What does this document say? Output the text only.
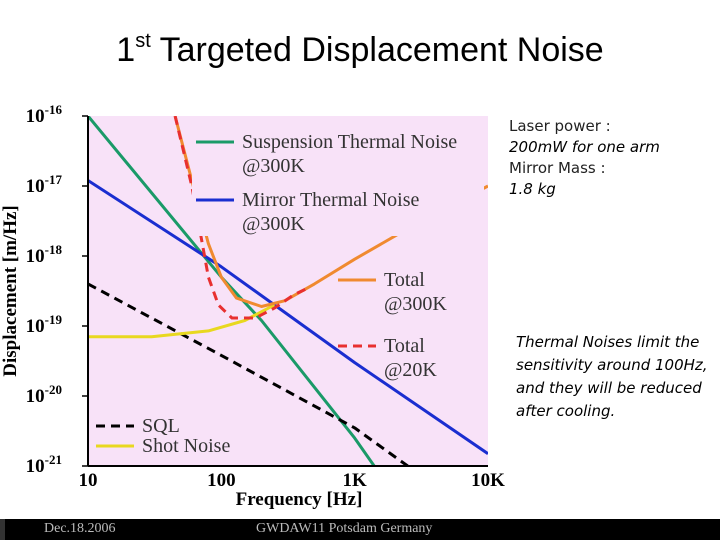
1st Targeted Displacement Noise
Suspension Thermal Noise
@300K
Mirror Thermal Noise
@300K
Total
@300K
Total
@20K
SQL
Shot Noise
$10^{-16}$
$10^{-17}$
$10^{-18}$
$10^{-19}$
$10^{-20}$
$10^{-21}$
10	100	1K	10K
Frequency [Hz]
Displacement [m/Hz]
Laser power :
200mW for one arm
Mirror Mass :
1.8 kg
Thermal Noises limit the sensitivity around 100Hz, and they will be reduced after cooling.
Dec.18.2006	GWDAW11 Potsdam Germany
